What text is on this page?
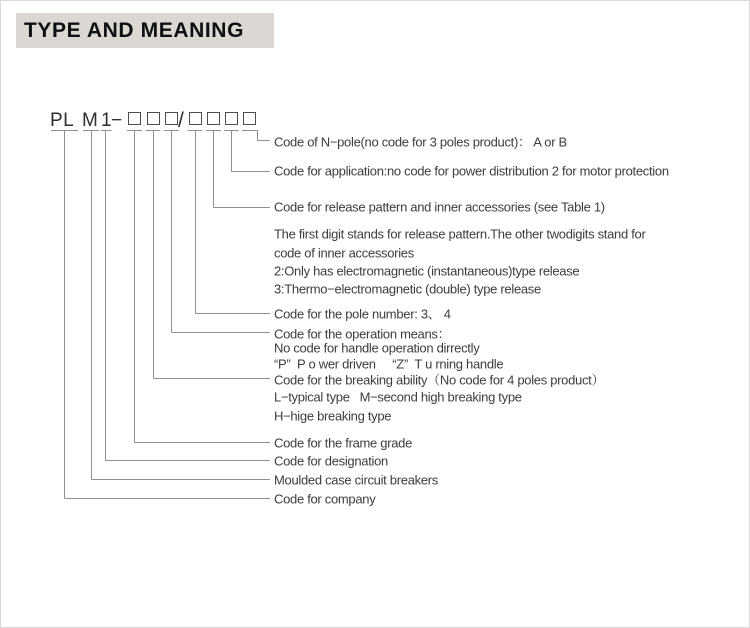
TYPE AND MEANING
PL M 1
−	/
Code of N−pole(no code for 3 poles product)： A or B
Code for application:no code for power distribution 2 for motor protection
Code for release pattern and inner accessories (see Table 1)
The first digit stands for release pattern.The other twodigits stand for
code of inner accessories
2:Only has electromagnetic (instantaneous)type release
3:Thermo−electromagnetic (double) type release
Code for the pole number: 3、 4
Code for the operation means：
No code for handle operation dirrectly
“P”  P o wer driven     “Z”  T u rning handle
Code for the breaking ability（No code for 4 poles product）
L−typical type   M−second high breaking type
H−hige breaking type
Code for the frame grade
Code for designation
Moulded case circuit breakers
Code for company
